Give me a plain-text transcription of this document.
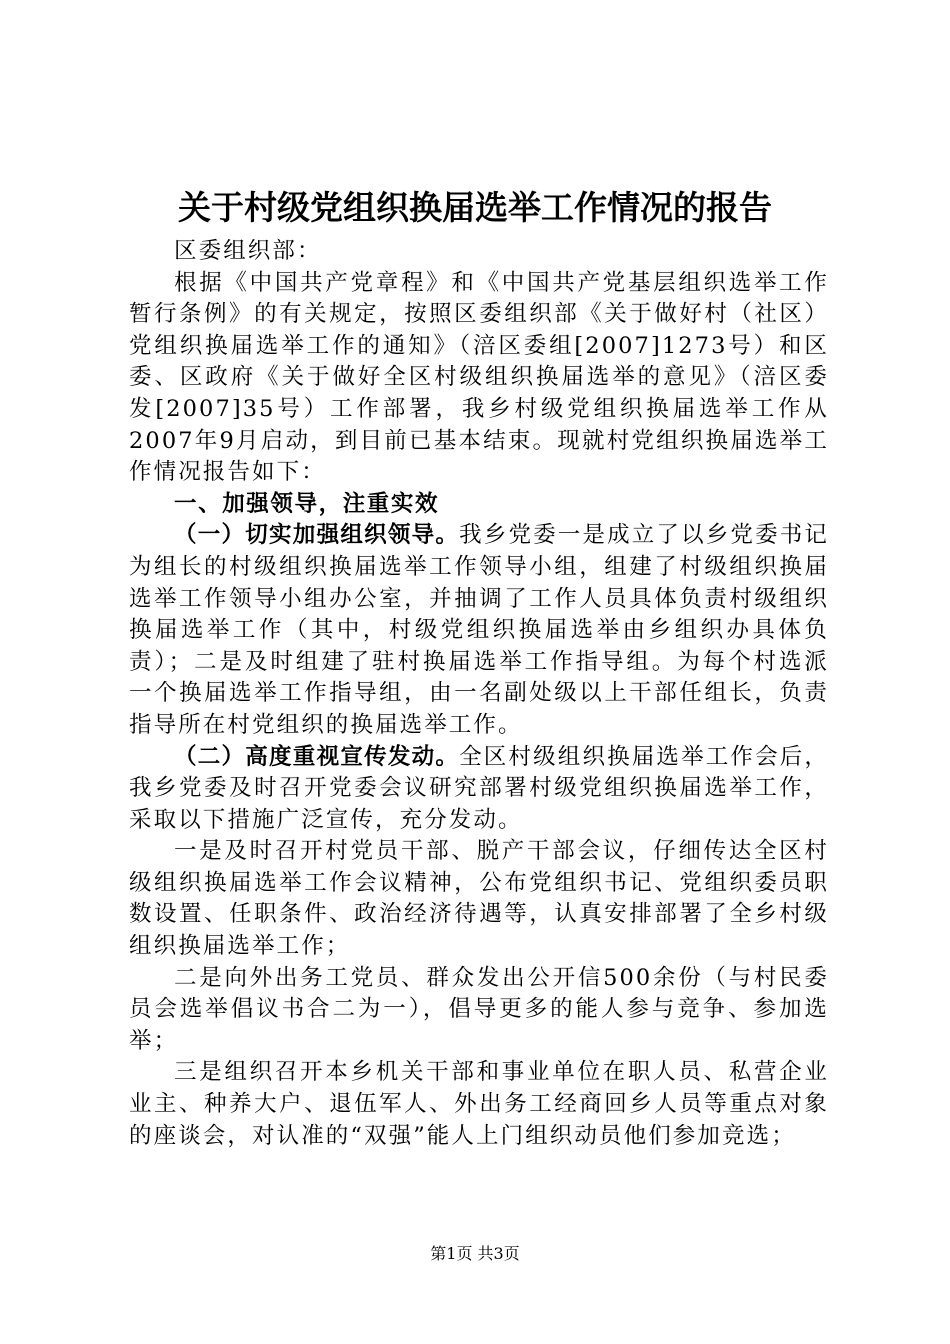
关于村级党组织换届选举工作情况的报告

区委组织部：

根据《中国共产党章程》和《中国共产党基层组织选举工作暂行条例》的有关规定，按照区委组织部《关于做好村（社区）党组织换届选举工作的通知》（涪区委组[2007]1273号）和区委、区政府《关于做好全区村级组织换届选举的意见》（涪区委发[2007]35号）工作部署，我乡村级党组织换届选举工作从2007年9月启动，到目前已基本结束。现就村党组织换届选举工作情况报告如下：

一、加强领导，注重实效

（一）切实加强组织领导。我乡党委一是成立了以乡党委书记为组长的村级组织换届选举工作领导小组，组建了村级组织换届选举工作领导小组办公室，并抽调了工作人员具体负责村级组织换届选举工作（其中，村级党组织换届选举由乡组织办具体负责）；二是及时组建了驻村换届选举工作指导组。为每个村选派一个换届选举工作指导组，由一名副处级以上干部任组长，负责指导所在村党组织的换届选举工作。

（二）高度重视宣传发动。全区村级组织换届选举工作会后，我乡党委及时召开党委会议研究部署村级党组织换届选举工作，采取以下措施广泛宣传，充分发动。

一是及时召开村党员干部、脱产干部会议，仔细传达全区村级组织换届选举工作会议精神，公布党组织书记、党组织委员职数设置、任职条件、政治经济待遇等，认真安排部署了全乡村级组织换届选举工作；

二是向外出务工党员、群众发出公开信500余份（与村民委员会选举倡议书合二为一），倡导更多的能人参与竞争、参加选举；

三是组织召开本乡机关干部和事业单位在职人员、私营企业业主、种养大户、退伍军人、外出务工经商回乡人员等重点对象的座谈会，对认准的“双强”能人上门组织动员他们参加竞选；

第1页 共3页
